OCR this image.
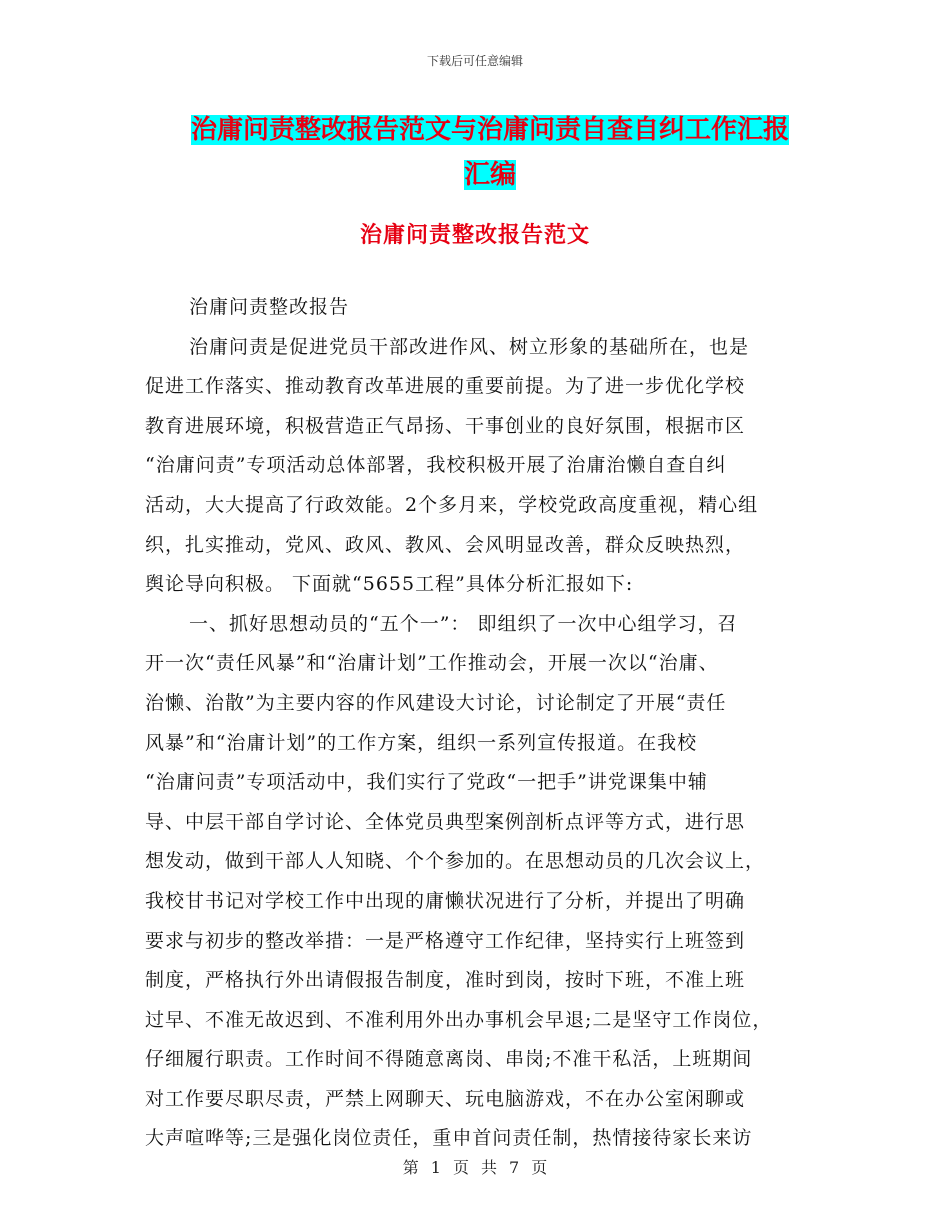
下载后可任意编辑
治庸问责整改报告范文与治庸问责自查自纠工作汇报
汇编
治庸问责整改报告范文
治庸问责整改报告
治庸问责是促进党员干部改进作风、树立形象的基础所在，也是
促进工作落实、推动教育改革进展的重要前提。为了进一步优化学校
教育进展环境，积极营造正气昂扬、干事创业的良好氛围，根据市区
“治庸问责”专项活动总体部署，我校积极开展了治庸治懒自查自纠
活动，大大提高了行政效能。2个多月来，学校党政高度重视，精心组
织，扎实推动，党风、政风、教风、会风明显改善，群众反映热烈，
舆论导向积极。 下面就“5655工程”具体分析汇报如下:
一、抓好思想动员的“五个一”： 即组织了一次中心组学习，召
开一次“责任风暴”和“治庸计划”工作推动会，开展一次以“治庸、
治懒、治散”为主要内容的作风建设大讨论，讨论制定了开展“责任
风暴”和“治庸计划”的工作方案，组织一系列宣传报道。在我校
“治庸问责”专项活动中，我们实行了党政“一把手”讲党课集中辅
导、中层干部自学讨论、全体党员典型案例剖析点评等方式，进行思
想发动，做到干部人人知晓、个个参加的。在思想动员的几次会议上，
我校甘书记对学校工作中出现的庸懒状况进行了分析，并提出了明确
要求与初步的整改举措：一是严格遵守工作纪律，坚持实行上班签到
制度，严格执行外出请假报告制度，准时到岗，按时下班，不准上班
过早、不准无故迟到、不准利用外出办事机会早退;二是坚守工作岗位，
仔细履行职责。工作时间不得随意离岗、串岗;不准干私活，上班期间
对工作要尽职尽责，严禁上网聊天、玩电脑游戏，不在办公室闲聊或
大声喧哗等;三是强化岗位责任，重申首问责任制，热情接待家长来访
第 1 页 共 7 页
